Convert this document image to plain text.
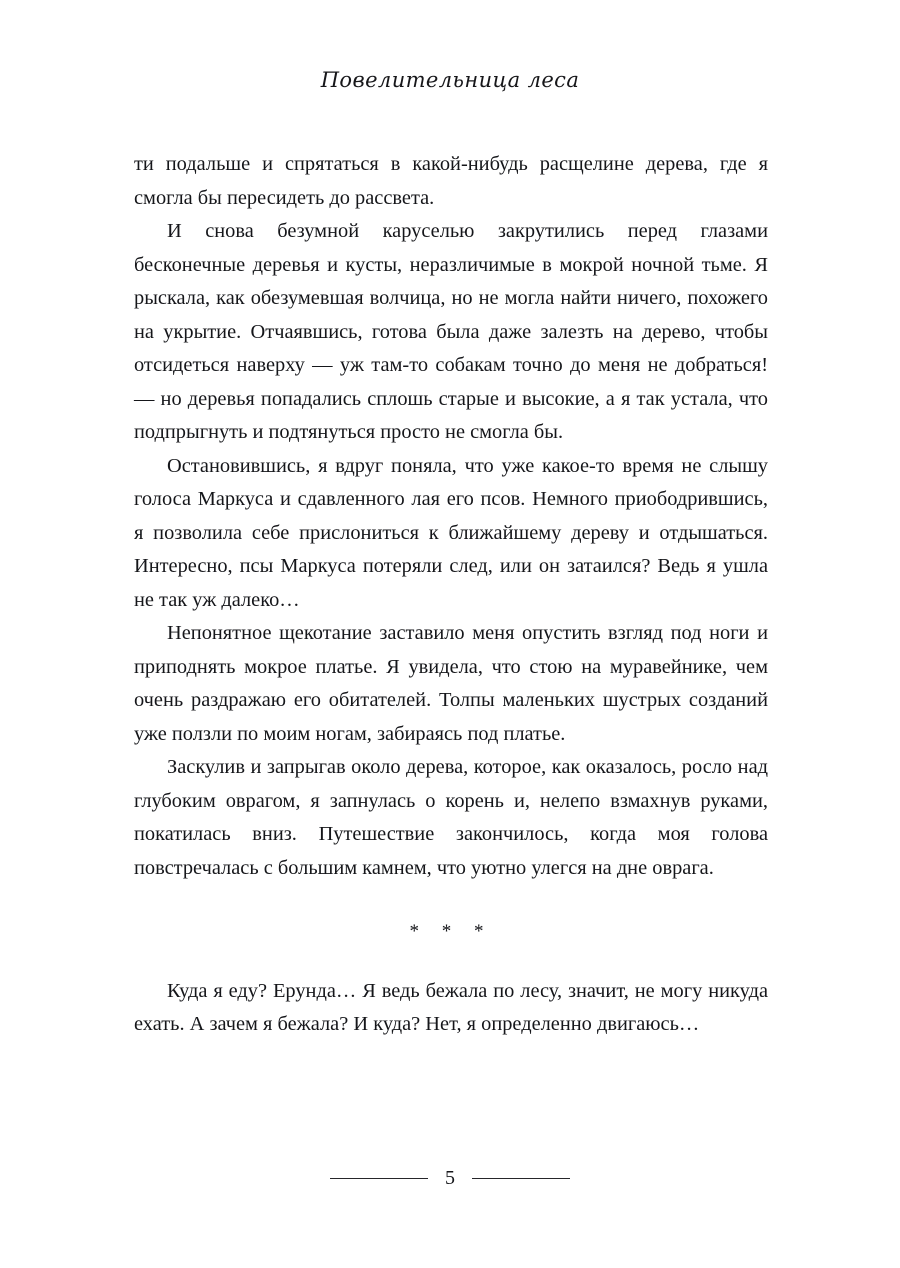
Повелительница леса

ти подальше и спрятаться в какой-нибудь расщелине дерева, где я смогла бы пересидеть до рассвета.

И снова безумной каруселью закрутились перед глазами бесконечные деревья и кусты, неразличимые в мокрой ночной тьме. Я рыскала, как обезумевшая волчица, но не могла найти ничего, похожего на укрытие. Отчаявшись, готова была даже залезть на дерево, чтобы отсидеться наверху — уж там-то собакам точно до меня не добраться! — но деревья попадались сплошь старые и высокие, а я так устала, что подпрыгнуть и подтянуться просто не смогла бы.

Остановившись, я вдруг поняла, что уже какое-то время не слышу голоса Маркуса и сдавленного лая его псов. Немного приободрившись, я позволила себе прислониться к ближайшему дереву и отдышаться. Интересно, псы Маркуса потеряли след, или он затаился? Ведь я ушла не так уж далеко…

Непонятное щекотание заставило меня опустить взгляд под ноги и приподнять мокрое платье. Я увидела, что стою на муравейнике, чем очень раздражаю его обитателей. Толпы маленьких шустрых созданий уже ползли по моим ногам, забираясь под платье.

Заскулив и запрыгав около дерева, которое, как оказалось, росло над глубоким оврагом, я запнулась о корень и, нелепо взмахнув руками, покатилась вниз. Путешествие закончилось, когда моя голова повстречалась с большим камнем, что уютно улегся на дне оврага.

* * *

Куда я еду? Ерунда… Я ведь бежала по лесу, значит, не могу никуда ехать. А зачем я бежала? И куда? Нет, я определенно двигаюсь…

5
